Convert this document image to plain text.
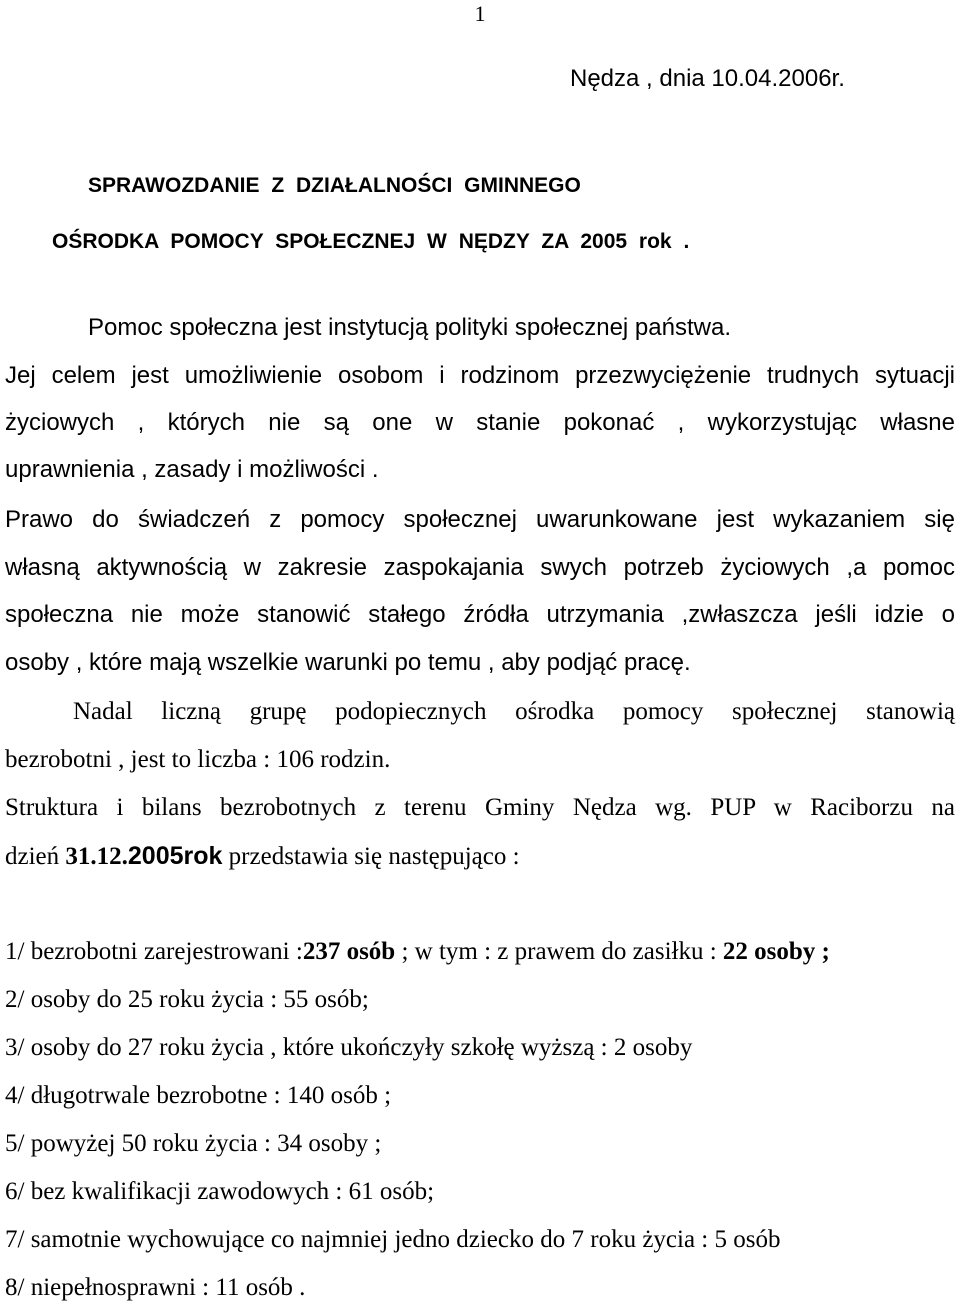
1
Nędza , dnia 10.04.2006r.
SPRAWOZDANIE Z DZIAŁALNOŚCI GMINNEGO
OŚRODKA POMOCY SPOŁECZNEJ W NĘDZY ZA 2005 rok .
Pomoc społeczna jest instytucją polityki społecznej państwa.
Jej celem jest umożliwienie osobom i rodzinom przezwyciężenie trudnych sytuacji
życiowych , których nie są one w stanie pokonać , wykorzystując własne
uprawnienia , zasady i możliwości .
Prawo do świadczeń z pomocy społecznej uwarunkowane jest wykazaniem się
własną aktywnością w zakresie zaspokajania swych potrzeb życiowych ,a pomoc
społeczna nie może stanowić stałego źródła utrzymania ,zwłaszcza jeśli idzie o
osoby , które mają wszelkie warunki po temu , aby podjąć pracę.
Nadal liczną grupę podopiecznych ośrodka pomocy społecznej stanowią
bezrobotni , jest to liczba : 106 rodzin.
Struktura i bilans bezrobotnych z terenu Gminy Nędza wg. PUP w Raciborzu na
dzień 31.12.2005rok przedstawia się następująco :
1/ bezrobotni zarejestrowani :237 osób ; w tym : z prawem do zasiłku : 22 osoby ;
2/ osoby do 25 roku życia : 55 osób;
3/ osoby do 27 roku życia , które ukończyły szkołę wyższą : 2 osoby
4/ długotrwale bezrobotne : 140 osób ;
5/ powyżej 50 roku życia : 34 osoby ;
6/ bez kwalifikacji zawodowych : 61 osób;
7/ samotnie wychowujące co najmniej jedno dziecko do 7 roku życia : 5 osób
8/ niepełnosprawni : 11 osób .
